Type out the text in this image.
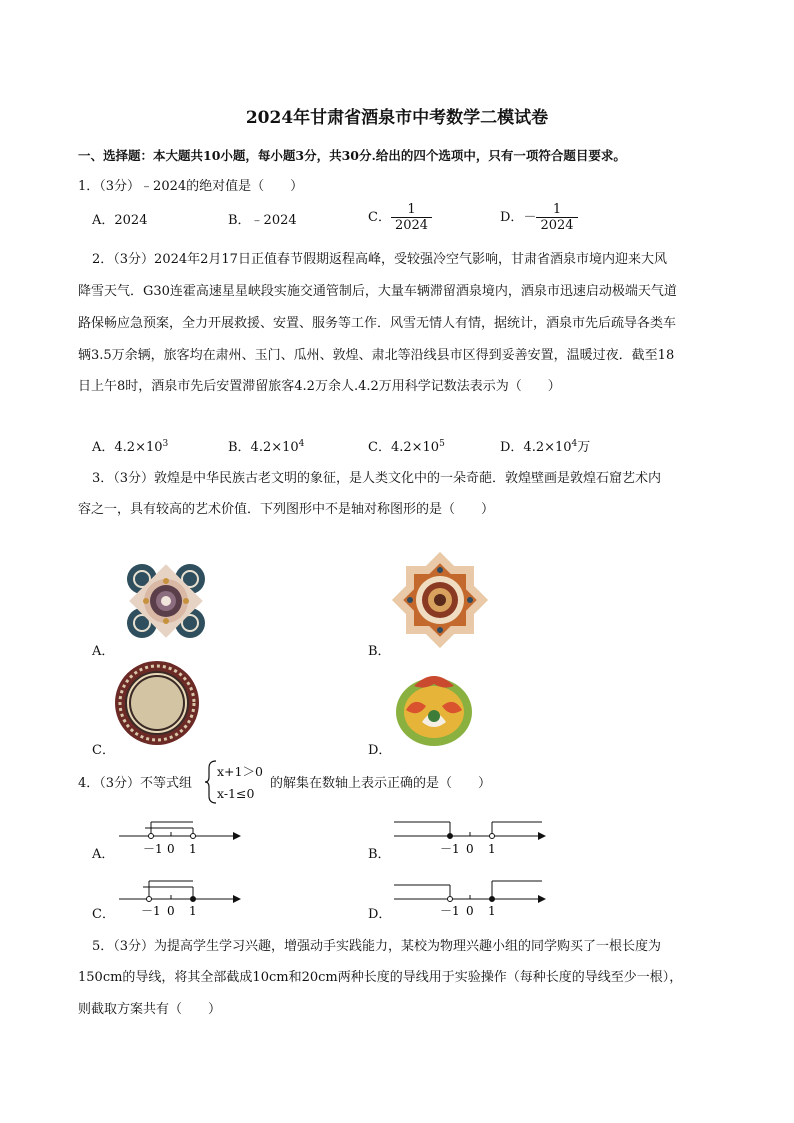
2024年甘肃省酒泉市中考数学二模试卷
一、选择题：本大题共10小题，每小题3分，共30分.给出的四个选项中，只有一项符合题目要求。
1．（3分）﹣2024的绝对值是（　　）
A．2024	B．﹣2024	C． $\frac{1}{2024}$	D．－ $\frac{1}{2024}$
2．（3分）2024年2月17日正值春节假期返程高峰，受较强冷空气影响，甘肃省酒泉市境内迎来大风
降雪天气．G30连霍高速星星峡段实施交通管制后，大量车辆滞留酒泉境内，酒泉市迅速启动极端天气道
路保畅应急预案，全力开展救援、安置、服务等工作．风雪无情人有情，据统计，酒泉市先后疏导各类车
辆3.5万余辆，旅客均在肃州、玉门、瓜州、敦煌、肃北等沿线县市区得到妥善安置，温暖过夜．截至18
日上午8时，酒泉市先后安置滞留旅客4.2万余人.4.2万用科学记数法表示为（　　）
A．$4.2\times 10^3$	B．$4.2\times 10^4$	C．$4.2\times 10^5$	D．$4.2\times 10^4$万
3．（3分）敦煌是中华民族古老文明的象征，是人类文化中的一朵奇葩．敦煌壁画是敦煌石窟艺术内
容之一，具有较高的艺术价值．下列图形中不是轴对称图形的是（　　）
A．	B．
C．	D．
4．（3分）不等式组
x+1＞0
x-1≤0
的解集在数轴上表示正确的是（　　）
A． －1 0 1	B．	－1 0 1
C． －1 0 1	D．	－1 0 1
5．（3分）为提高学生学习兴趣，增强动手实践能力，某校为物理兴趣小组的同学购买了一根长度为
150cm的导线，将其全部截成10cm和20cm两种长度的导线用于实验操作（每种长度的导线至少一根），
则截取方案共有（　　）
